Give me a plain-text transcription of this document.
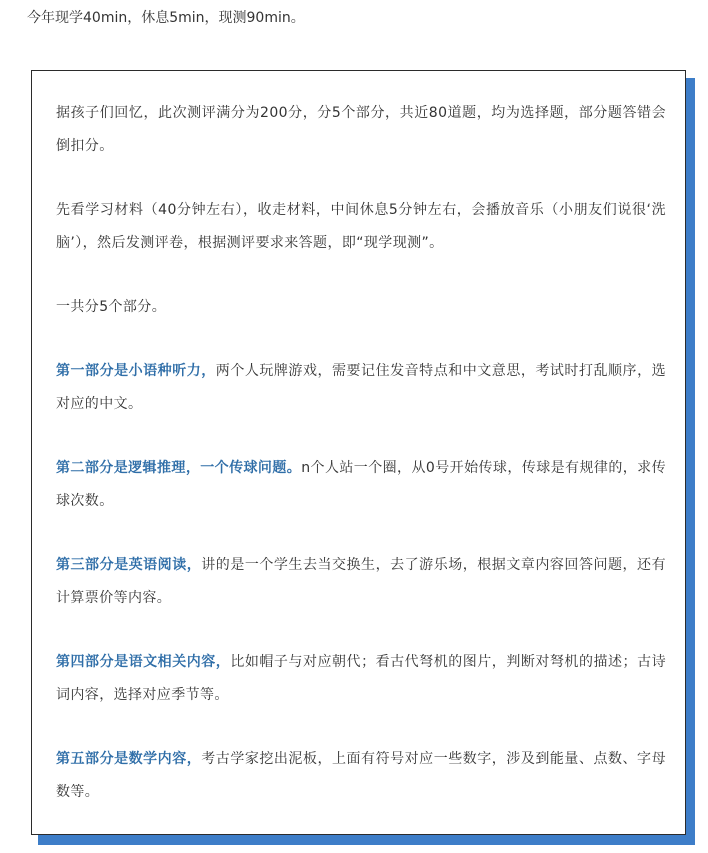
今年现学40min，休息5min，现测90min。

据孩子们回忆，此次测评满分为200分，分5个部分，共近80道题，均为选择题，部分题答错会倒扣分。

先看学习材料（40分钟左右），收走材料，中间休息5分钟左右，会播放音乐（小朋友们说很‘洗脑’），然后发测评卷，根据测评要求来答题，即“现学现测”。

一共分5个部分。

第一部分是小语种听力，两个人玩牌游戏，需要记住发音特点和中文意思，考试时打乱顺序，选对应的中文。

第二部分是逻辑推理，一个传球问题。n个人站一个圈，从0号开始传球，传球是有规律的，求传球次数。

第三部分是英语阅读，讲的是一个学生去当交换生，去了游乐场，根据文章内容回答问题，还有计算票价等内容。

第四部分是语文相关内容，比如帽子与对应朝代；看古代弩机的图片，判断对弩机的描述；古诗词内容，选择对应季节等。

第五部分是数学内容，考古学家挖出泥板，上面有符号对应一些数字，涉及到能量、点数、字母数等。
